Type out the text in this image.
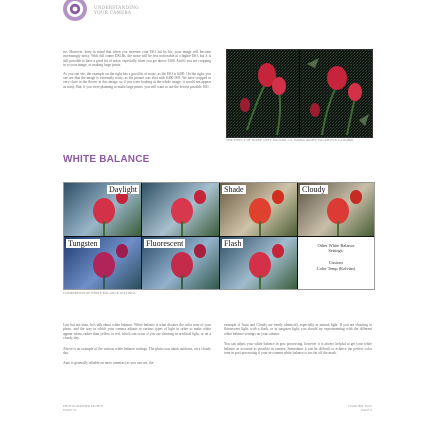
UNDERSTANDING
YOUR CAMERA

ise. However, keep in mind that when you increase your ISO, bit by bit, your image will become increasingly noisy. With full frame DSLRs, the noise will be less noticeable at a higher ISO, but it is still possible to have a good bit of noise, especially when you get above 3200. And if you are cropping in to your image, or making large prints.

As you can see, the example on the right has a good bit of noise, as the ISO is 6400. On the right, you can see that the image is extremely noisy, as the picture was shot with 6400 ISO. We have cropped in very close to the flower in this image, so if you were looking at the whole image, it would not appear as noisy. But, if you were planning to make large prints, you will want to use the lowest possible ISO.

THE EFFECT OF NOISE. LEFT: ISO 6400, 1/4, ISO800. RIGHT: ISO 400 F5.6 1/4 ISO800.
WHITE BALANCE
Daylight	Shade	Cloudy
Tungsten	Fluorescent	Flash	Other White Balance
Settings:
Custom
Color Temp (Kelvins)
COMPARISON OF WHITE BALANCE SETTINGS

Last but not least, let's talk about white balance. White balance is what dictates the color tone of your photo, and the way in which your camera adjusts to various types of light in order to make white appear white, rather than yellow or red, which can occur if you are shooting in artificial light, or on a cloudy day.

Above is an example of the various white balance settings. The photo was taken outdoors, on a cloudy day.

Auto is generally reliable on most cameras (as you can see, the

example of Auto and Cloudy are nearly identical), especially in natural light. If you are shooting in fluorescent light, with a flash, or in tungsten light, you should try experimenting with the different white balance settings on your camera.

You can adjust your white balance in post processing, however it is always helpful to get your white balance as accurate as possible in camera. Sometimes it can be difficult to achieve the perfect color tone in post processing if your in-camera white balance is too far off the mark.

PHOTOGRAPHER EIGHTY
ISSUE 01
CHAPTER TWO
PAGE 9
